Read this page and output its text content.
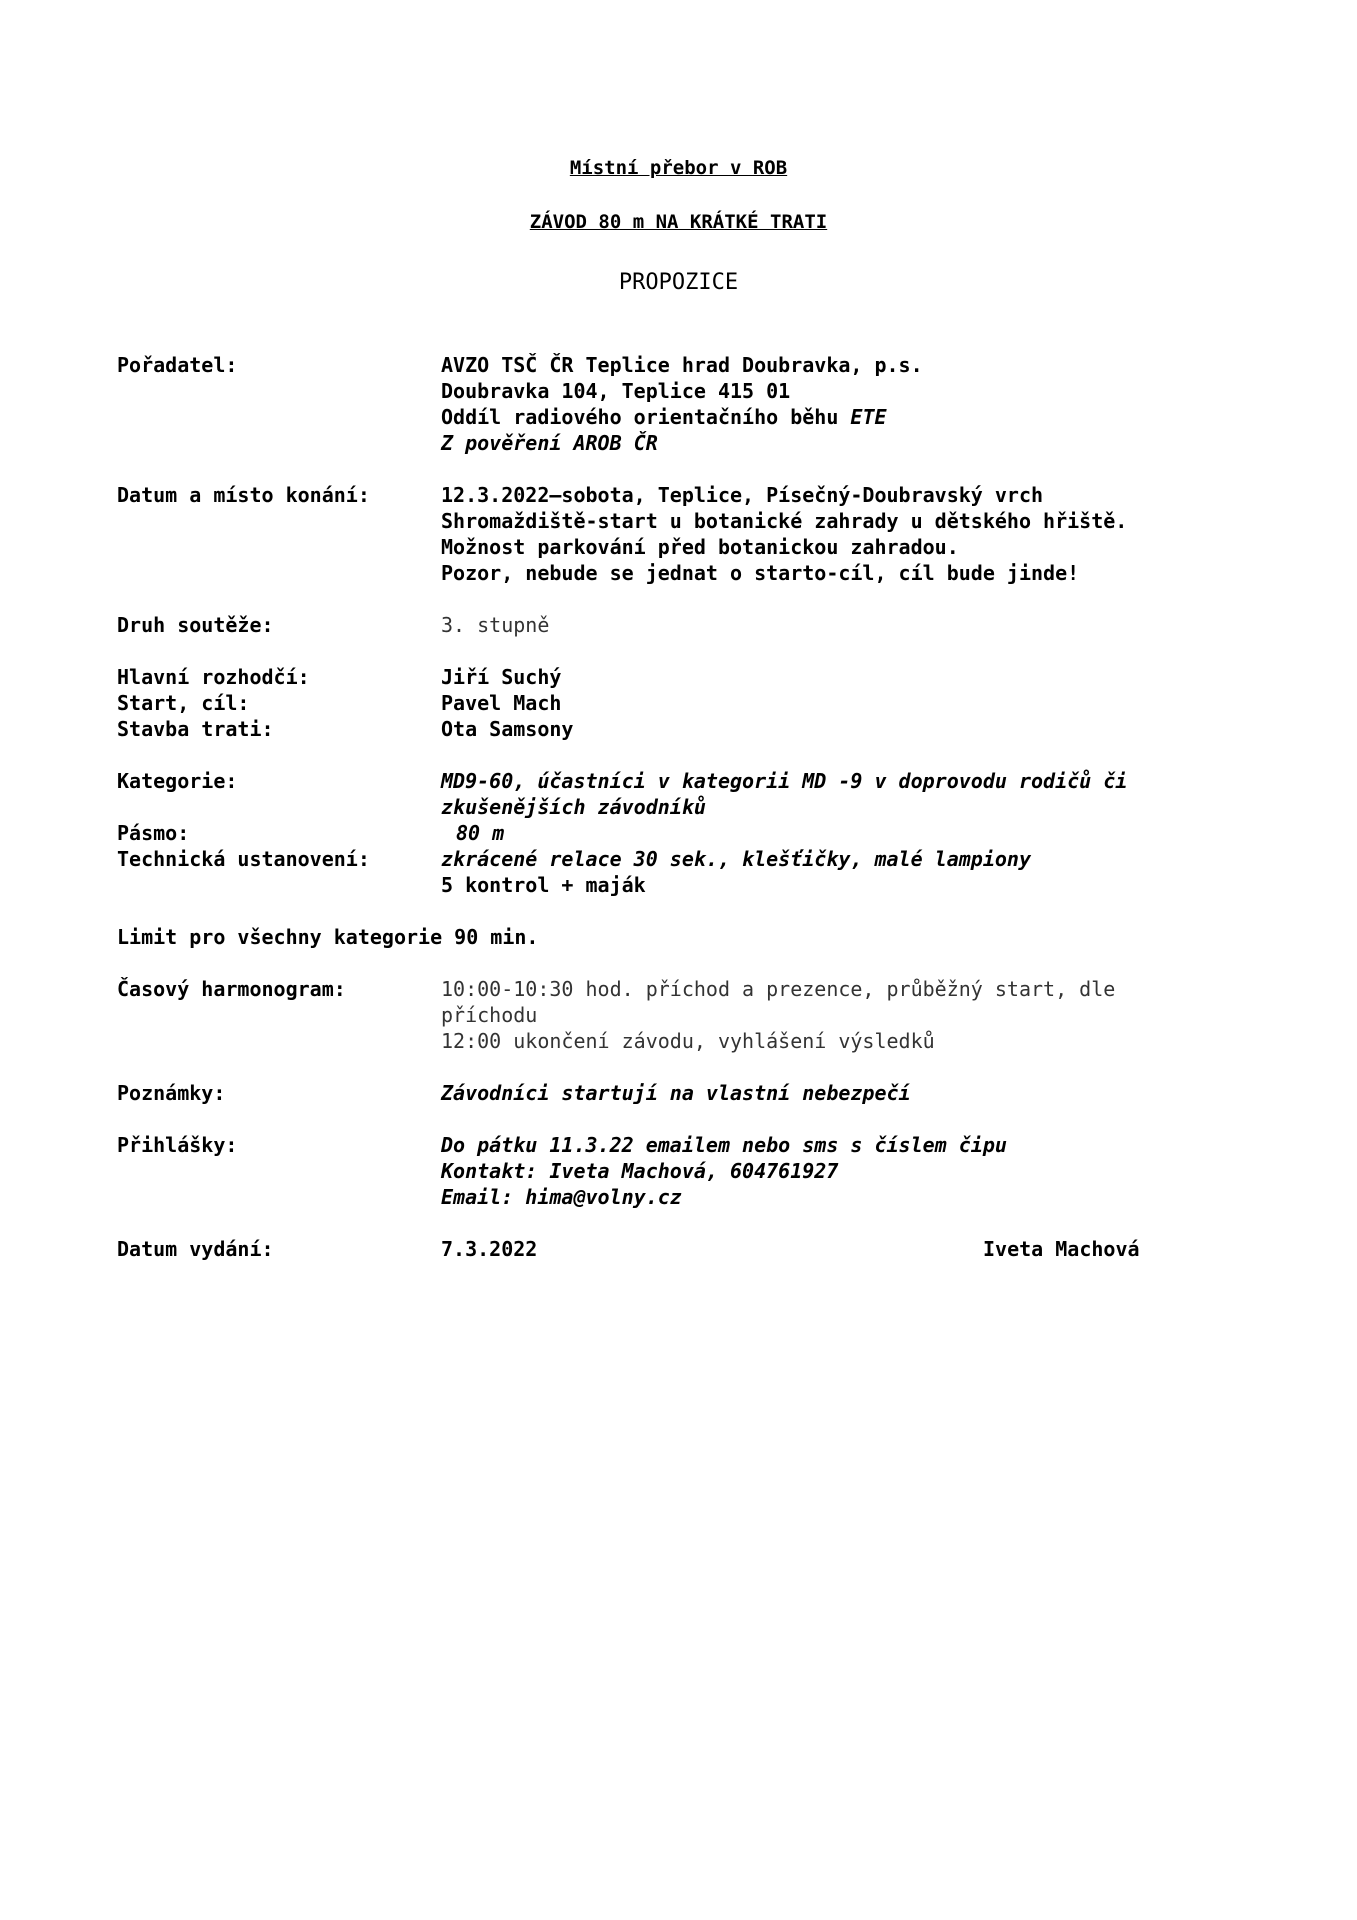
Místní přebor v ROB
ZÁVOD 80 m NA KRÁTKÉ TRATI
PROPOZICE
Pořadatel:	AVZO TSČ ČR Teplice hrad Doubravka, p.s.
Doubravka 104, Teplice 415 01
Oddíl radiového orientačního běhu ETE
Z pověření AROB ČR
Datum a místo konání:	12.3.2022–sobota, Teplice, Písečný-Doubravský vrch
Shromaždiště-start u botanické zahrady u dětského hřiště.
Možnost parkování před botanickou zahradou.
Pozor, nebude se jednat o starto-cíl, cíl bude jinde!
Druh soutěže:	3. stupně
Hlavní rozhodčí:	Jiří Suchý
Start, cíl:	Pavel Mach
Stavba trati:	Ota Samsony
Kategorie:	MD9-60, účastníci v kategorii MD -9 v doprovodu rodičů či
zkušenějších závodníků
Pásmo:	80 m
Technická ustanovení:	zkrácené relace 30 sek., klešťičky, malé lampiony
5 kontrol + maják
Limit pro všechny kategorie 90 min.
Časový harmonogram:	10:00-10:30 hod. příchod a prezence, průběžný start, dle
příchodu
12:00 ukončení závodu, vyhlášení výsledků
Poznámky:	Závodníci startují na vlastní nebezpečí
Přihlášky:	Do pátku 11.3.22 emailem nebo sms s číslem čipu
Kontakt: Iveta Machová, 604761927
Email: hima@volny.cz
Datum vydání:	7.3.2022	Iveta Machová
